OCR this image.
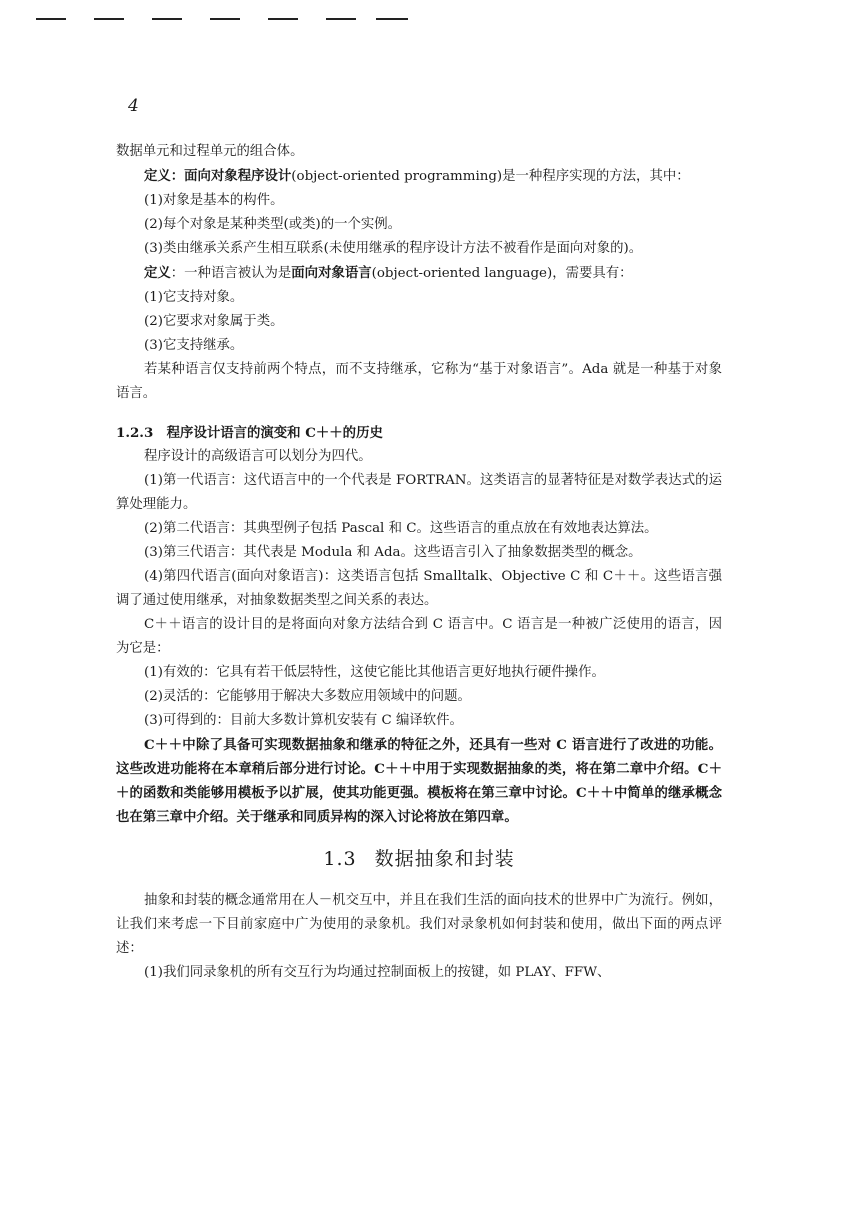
4

数据单元和过程单元的组合体。

定义：面向对象程序设计(object-oriented programming)是一种程序实现的方法，其中：

(1)对象是基本的构件。

(2)每个对象是某种类型(或类)的一个实例。

(3)类由继承关系产生相互联系(未使用继承的程序设计方法不被看作是面向对象的)。

定义：一种语言被认为是面向对象语言(object-oriented language)，需要具有：

(1)它支持对象。

(2)它要求对象属于类。

(3)它支持继承。

若某种语言仅支持前两个特点，而不支持继承，它称为“基于对象语言”。Ada 就是一种基于对象语言。

1.2.3　程序设计语言的演变和 C＋＋的历史

程序设计的高级语言可以划分为四代。

(1)第一代语言：这代语言中的一个代表是 FORTRAN。这类语言的显著特征是对数学表达式的运算处理能力。

(2)第二代语言：其典型例子包括 Pascal 和 C。这些语言的重点放在有效地表达算法。

(3)第三代语言：其代表是 Modula 和 Ada。这些语言引入了抽象数据类型的概念。

(4)第四代语言(面向对象语言)：这类语言包括 Smalltalk、Objective C 和 C＋＋。这些语言强调了通过使用继承，对抽象数据类型之间关系的表达。

C＋＋语言的设计目的是将面向对象方法结合到 C 语言中。C 语言是一种被广泛使用的语言，因为它是：

(1)有效的：它具有若干低层特性，这使它能比其他语言更好地执行硬件操作。

(2)灵活的：它能够用于解决大多数应用领域中的问题。

(3)可得到的：目前大多数计算机安装有 C 编译软件。

C＋＋中除了具备可实现数据抽象和继承的特征之外，还具有一些对 C 语言进行了改进的功能。这些改进功能将在本章稍后部分进行讨论。C＋＋中用于实现数据抽象的类，将在第二章中介绍。C＋＋的函数和类能够用模板予以扩展，使其功能更强。模板将在第三章中讨论。C＋＋中简单的继承概念也在第三章中介绍。关于继承和同质异构的深入讨论将放在第四章。

1.3 数据抽象和封装

抽象和封装的概念通常用在人－机交互中，并且在我们生活的面向技术的世界中广为流行。例如，让我们来考虑一下目前家庭中广为使用的录象机。我们对录象机如何封装和使用，做出下面的两点评述：

(1)我们同录象机的所有交互行为均通过控制面板上的按键，如 PLAY、FFW、
